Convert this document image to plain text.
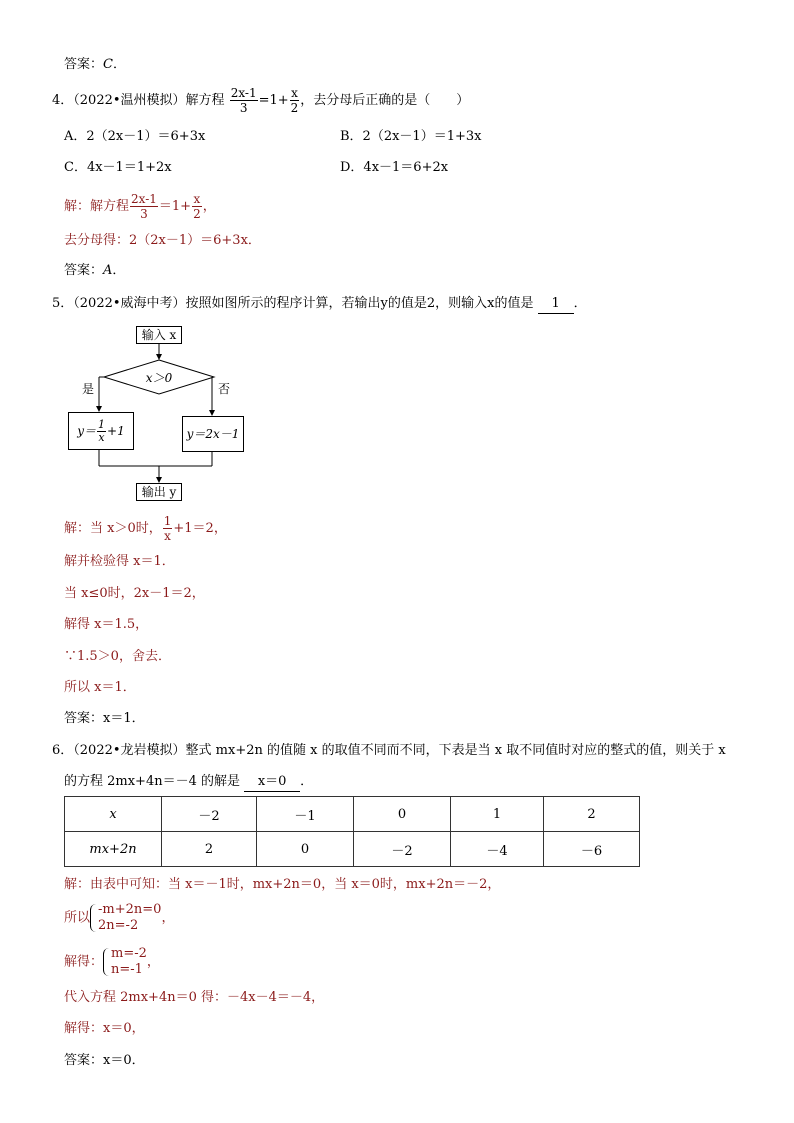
答案：C．
4．（2022•温州模拟）解方程 $\frac{2x-1}{3} =1+ \frac{x}{2}$ ，去分母后正确的是（　　）
A．2（2x－1）＝6+3x	B．2（2x－1）＝1+3x
C．4x－1＝1+2x	D．4x－1＝6+2x
解：解方程 $\frac{2x-1}{3} =1+ \frac{x}{2}$ ，
去分母得：2（2x－1）＝6+3x．
答案：A．
5．（2022•威海中考）按照如图所示的程序计算，若输出y的值是2，则输入x的值是 1 ．
输入 x
x＞0
是	否
$y= \frac{1}{x} +1$	y＝2x－1
输出 y
解：当 x＞0时， $\frac{1}{x} +1=2$，
解并检验得 x＝1．
当 x≤0时，2x－1＝2，
解得 x＝1.5，
∵1.5＞0，舍去．
所以 x＝1．
答案：x＝1．
6．（2022•龙岩模拟）整式 mx+2n 的值随 x 的取值不同而不同，下表是当 x 取不同值时对应的整式的值，则关于 x
的方程 2mx+4n＝－4 的解是 x＝0 ．
x	－2	－1	0	1	2
mx+2n	2	0	－2	－4	－6
解：由表中可知：当 x＝－1时，mx+2n＝0，当 x＝0时，mx+2n＝－2，
所以
-m+2n=0
2n=-2	，
解得：
m=-2
n=-1 ，
代入方程 2mx+4n＝0 得：－4x－4＝－4，
解得：x＝0，
答案：x＝0．
